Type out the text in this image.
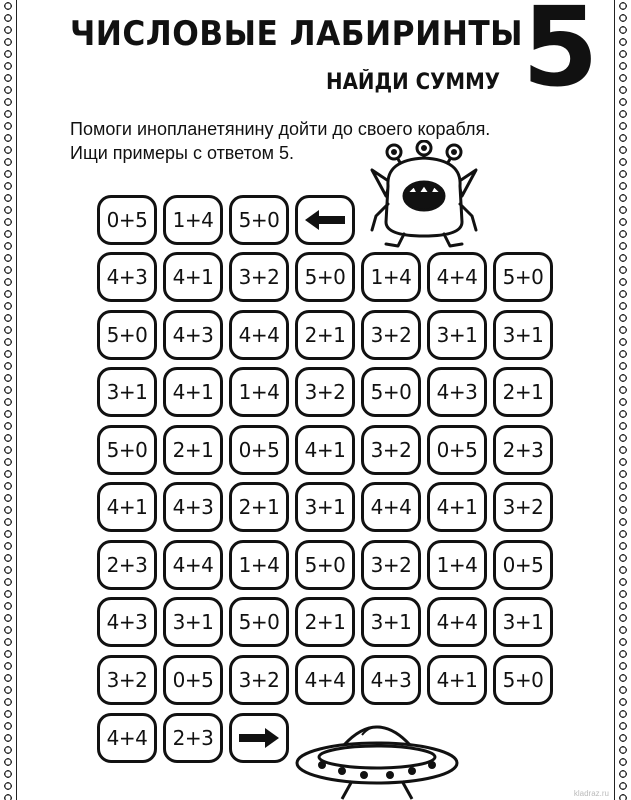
ЧИСЛОВЫЕ ЛАБИРИНТЫ
НАЙДИ СУММУ 5
Помоги инопланетянину дойти до своего корабля.
Ищи примеры с ответом 5.
0+5	1+4	5+0
4+3	4+1	3+2	5+0	1+4	4+4	5+0
5+0	4+3	4+4	2+1	3+2	3+1	3+1
3+1	4+1	1+4	3+2	5+0	4+3	2+1
5+0	2+1	0+5	4+1	3+2	0+5	2+3
4+1	4+3	2+1	3+1	4+4	4+1	3+2
2+3	4+4	1+4	5+0	3+2	1+4	0+5
4+3	3+1	5+0	2+1	3+1	4+4	3+1
3+2	0+5	3+2	4+4	4+3	4+1	5+0
4+4	2+3
kladraz.ru
